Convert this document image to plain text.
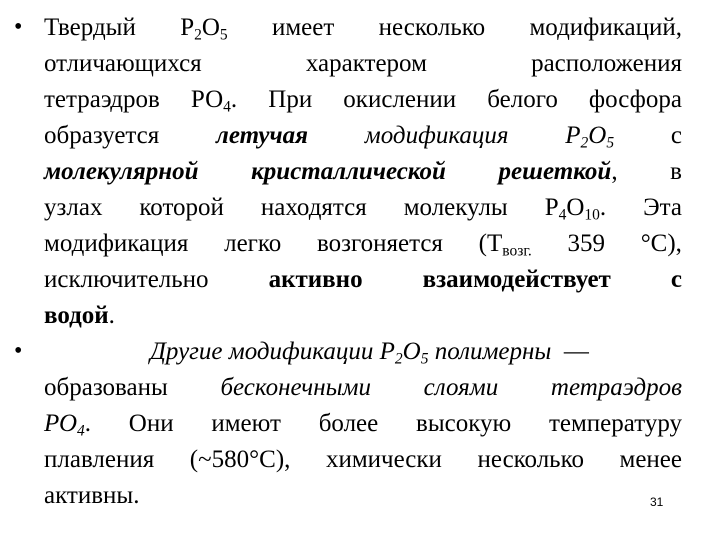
• Твердый $P_2O_5$ имеет несколько модификаций,
отличающихся	характером	расположения
тетраэдров $РО_4$. При окислении белого фосфора
образуется летучая модификация $P_2O_5$ с
молекулярной кристаллической решеткой, в
узлах которой находятся молекулы $P_4O_{10}$. Эта
модификация легко возгоняется ($T_{возг.}$ 359 °С),
исключительно активно взаимодействует с
водой.
•	Другие модификации $P_2O_5$ полимерны  —
образованы бесконечными слоями тетраэдров
$РО_4$. Они имеют более высокую температуру
плавления (~580°С), химически несколько менее
активны.	31
